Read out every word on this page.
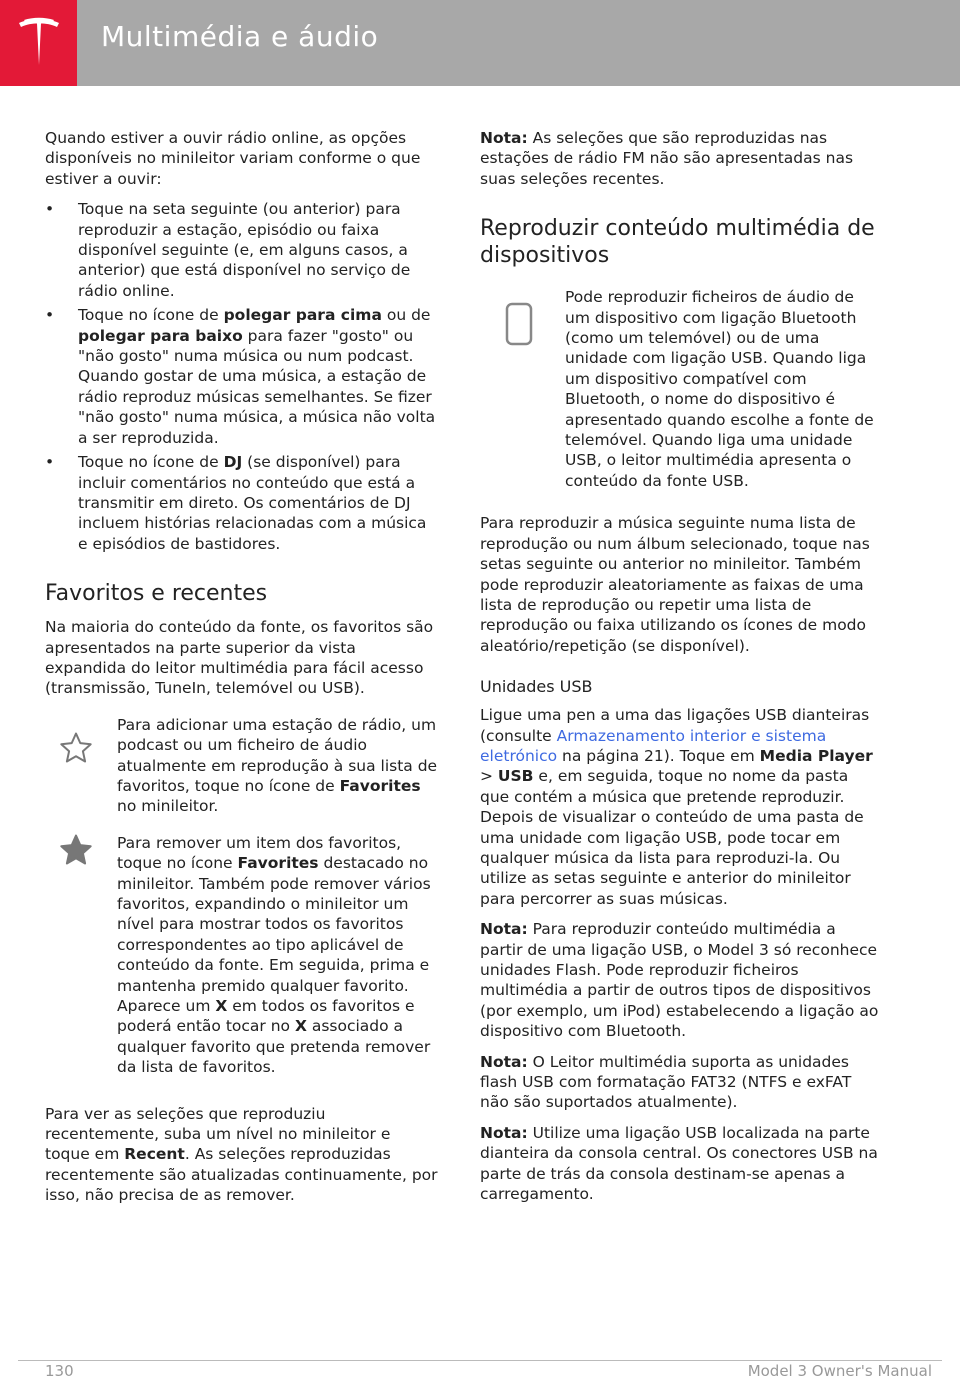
Multimédia e áudio

Quando estiver a ouvir rádio online, as opções disponíveis no minileitor variam conforme o que estiver a ouvir:

• Toque na seta seguinte (ou anterior) para reproduzir a estação, episódio ou faixa disponível seguinte (e, em alguns casos, a anterior) que está disponível no serviço de rádio online.
• Toque no ícone de polegar para cima ou de polegar para baixo para fazer "gosto" ou "não gosto" numa música ou num podcast. Quando gostar de uma música, a estação de rádio reproduz músicas semelhantes. Se fizer "não gosto" numa música, a música não volta a ser reproduzida.
• Toque no ícone de DJ (se disponível) para incluir comentários no conteúdo que está a transmitir em direto. Os comentários de DJ incluem histórias relacionadas com a música e episódios de bastidores.
Favoritos e recentes

Na maioria do conteúdo da fonte, os favoritos são apresentados na parte superior da vista expandida do leitor multimédia para fácil acesso (transmissão, TuneIn, telemóvel ou USB).

Para adicionar uma estação de rádio, um podcast ou um ficheiro de áudio atualmente em reprodução à sua lista de favoritos, toque no ícone de Favorites no minileitor.

Para remover um item dos favoritos, toque no ícone Favorites destacado no minileitor. Também pode remover vários favoritos, expandindo o minileitor um nível para mostrar todos os favoritos correspondentes ao tipo aplicável de conteúdo da fonte. Em seguida, prima e mantenha premido qualquer favorito. Aparece um X em todos os favoritos e poderá então tocar no X associado a qualquer favorito que pretenda remover da lista de favoritos.

Para ver as seleções que reproduziu recentemente, suba um nível no minileitor e toque em Recent. As seleções reproduzidas recentemente são atualizadas continuamente, por isso, não precisa de as remover.

Nota: As seleções que são reproduzidas nas estações de rádio FM não são apresentadas nas suas seleções recentes.

Reproduzir conteúdo multimédia de dispositivos

Pode reproduzir ficheiros de áudio de um dispositivo com ligação Bluetooth (como um telemóvel) ou de uma unidade com ligação USB. Quando liga um dispositivo compatível com Bluetooth, o nome do dispositivo é apresentado quando escolhe a fonte de telemóvel. Quando liga uma unidade USB, o leitor multimédia apresenta o conteúdo da fonte USB.

Para reproduzir a música seguinte numa lista de reprodução ou num álbum selecionado, toque nas setas seguinte ou anterior no minileitor. Também pode reproduzir aleatoriamente as faixas de uma lista de reprodução ou repetir uma lista de reprodução ou faixa utilizando os ícones de modo aleatório/repetição (se disponível).

Unidades USB

Ligue uma pen a uma das ligações USB dianteiras (consulte Armazenamento interior e sistema eletrónico na página 21). Toque em Media Player > USB e, em seguida, toque no nome da pasta que contém a música que pretende reproduzir. Depois de visualizar o conteúdo de uma pasta de uma unidade com ligação USB, pode tocar em qualquer música da lista para reproduzi-la. Ou utilize as setas seguinte e anterior do minileitor para percorrer as suas músicas.

Nota: Para reproduzir conteúdo multimédia a partir de uma ligação USB, o Model 3 só reconhece unidades Flash. Pode reproduzir ficheiros multimédia a partir de outros tipos de dispositivos (por exemplo, um iPod) estabelecendo a ligação ao dispositivo com Bluetooth.

Nota: O Leitor multimédia suporta as unidades flash USB com formatação FAT32 (NTFS e exFAT não são suportados atualmente).

Nota: Utilize uma ligação USB localizada na parte dianteira da consola central. Os conectores USB na parte de trás da consola destinam-se apenas a carregamento.

130	Model 3 Owner's Manual
